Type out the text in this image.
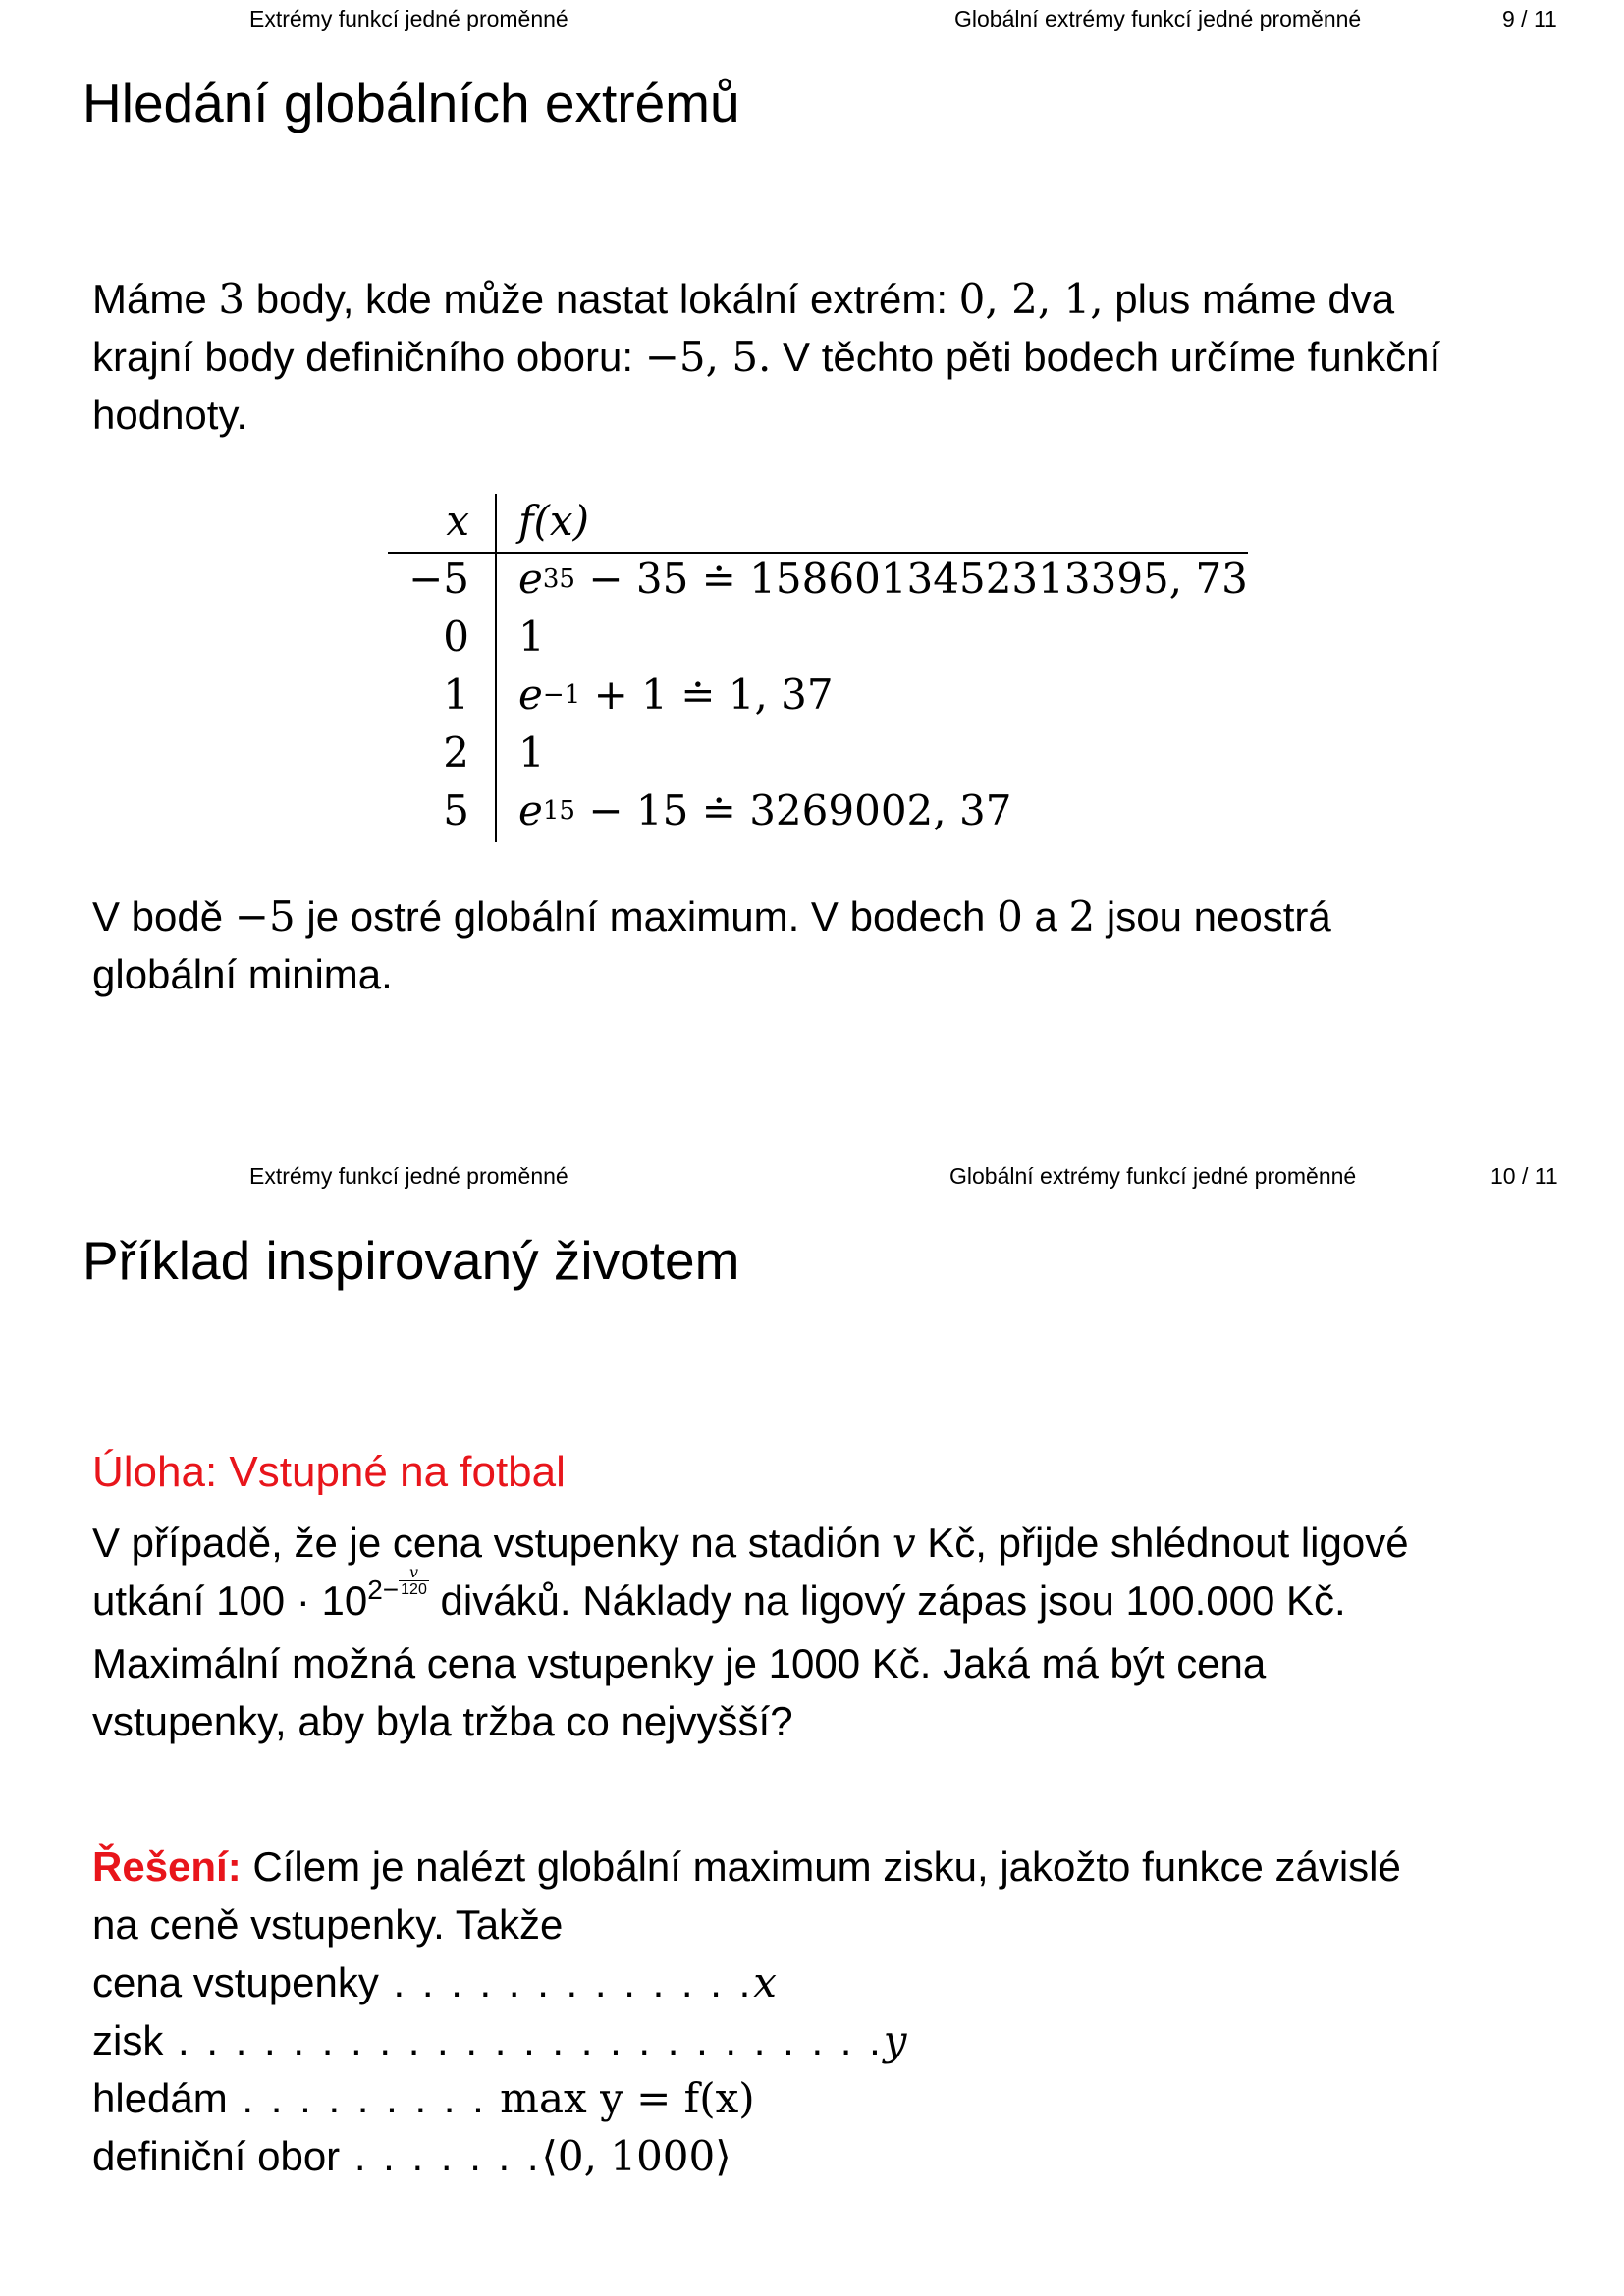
Extrémy funkcí jedné proměnné	Globální extrémy funkcí jedné proměnné	9 / 11
Hledání globálních extrémů
Máme 3 body, kde může nastat lokální extrém: 0, 2, 1, plus máme dva
krajní body definičního oboru: −5, 5. V těchto pěti bodech určíme funkční
hodnoty.
x f(x)
−5 $e^{35} - 35$ ≐ 1586013452313395, 73
0 1
1 $e^{-1} + 1$ ≐ 1, 37
2 1
5 $e^{15} - 15$ ≐ 3269002, 37
V bodě −5 je ostré globální maximum. V bodech 0 a 2 jsou neostrá
globální minima.
Extrémy funkcí jedné proměnné	Globální extrémy funkcí jedné proměnné	10 / 11
Příklad inspirovaný životem
Úloha: Vstupné na fotbal
V případě, že je cena vstupenky na stadión v Kč, přijde shlédnout ligové
utkání $100 \cdot 10^{2-} \frac{v}{120}$ diváků. Náklady na ligový zápas jsou 100.000 Kč.
Maximální možná cena vstupenky je 1000 Kč. Jaká má být cena
vstupenky, aby byla tržba co nejvyšší?
Řešení: Cílem je nalézt globální maximum zisku, jakožto funkce závislé
na ceně vstupenky. Takže
cena vstupenky . . . . . . . . . . . . .x
zisk . . . . . . . . . . . . . . . . . . . . . . . . .y
hledám . . . . . . . . . max y = f(x)
definiční obor . . . . . . .⟨0, 1000⟩
